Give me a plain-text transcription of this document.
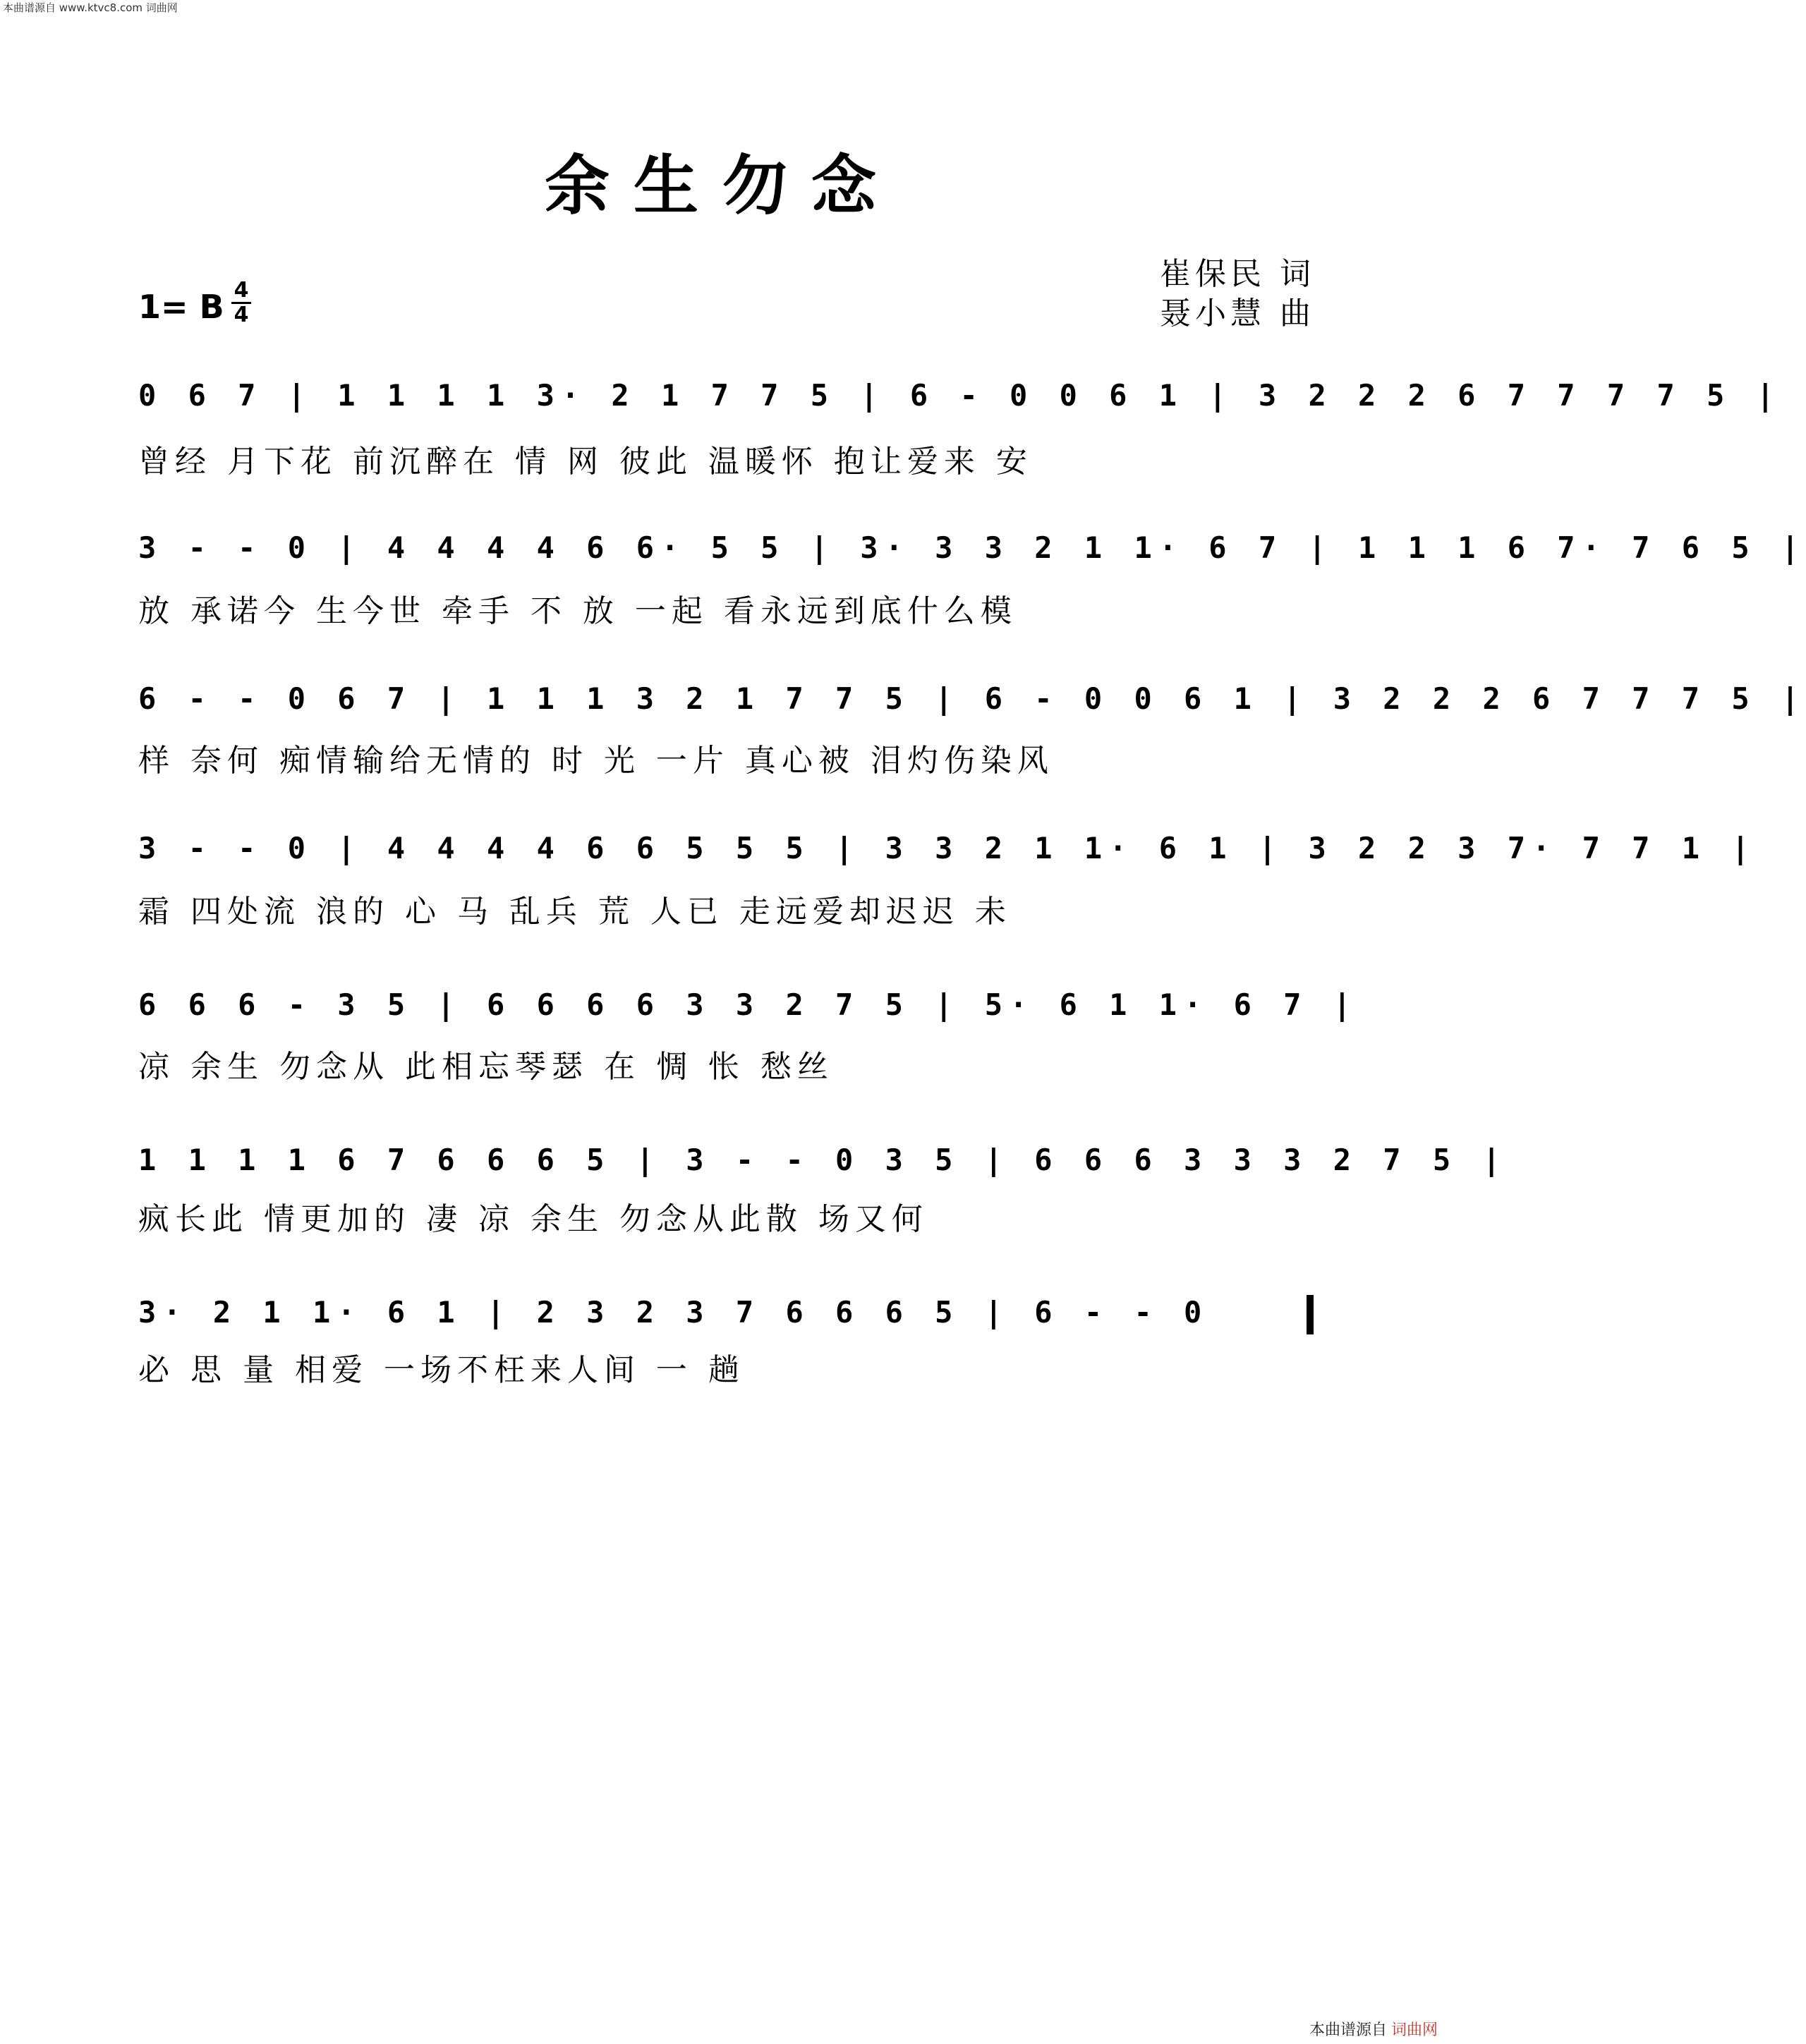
本曲谱源自 www.ktvc8.com 词曲网
余生勿念
崔保民 词
聂小慧 曲
1= B 4
4
0 6 7 | 1 1 1 1 3· 2 1 7 7 5 | 6 - 0 0 6 1 | 3 2 2 2 6 7 7 7 7 5 |
曾经 月下花 前沉醉在 情 网 彼此 温暖怀 抱让爱来 安
3 - - 0 | 4 4 4 4 6 6· 5 5 | 3· 3 3 2 1 1· 6 7 | 1 1 1 6 7· 7 6 5 |
放 承诺今 生今世 牵手 不 放 一起 看永远到底什么模
6 - - 0 6 7 | 1 1 1 3 2 1 7 7 5 | 6 - 0 0 6 1 | 3 2 2 2 6 7 7 7 5 |
样 奈何 痴情输给无情的 时 光 一片 真心被 泪灼伤染风
3 - - 0 | 4 4 4 4 6 6 5 5 5 | 3 3 2 1 1· 6 1 | 3 2 2 3 7· 7 7 1 |
霜 四处流 浪的 心 马 乱兵 荒 人已 走远爱却迟迟 未
6 6 6 - 3 5 | 6 6 6 6 3 3 2 7 5 | 5· 6 1 1· 6 7 |
凉 余生 勿念从 此相忘琴瑟 在 惆 怅 愁丝
1 1 1 1 6 7 6 6 6 5 | 3 - - 0 3 5 | 6 6 6 3 3 3 2 7 5 |
疯长此 情更加的 凄 凉 余生 勿念从此散 场又何
3· 2 1 1· 6 1 | 2 3 2 3 7 6 6 6 5 | 6 - - 0
必 思 量 相爱 一场不枉来人间 一 趟
本曲谱源自 词曲网
